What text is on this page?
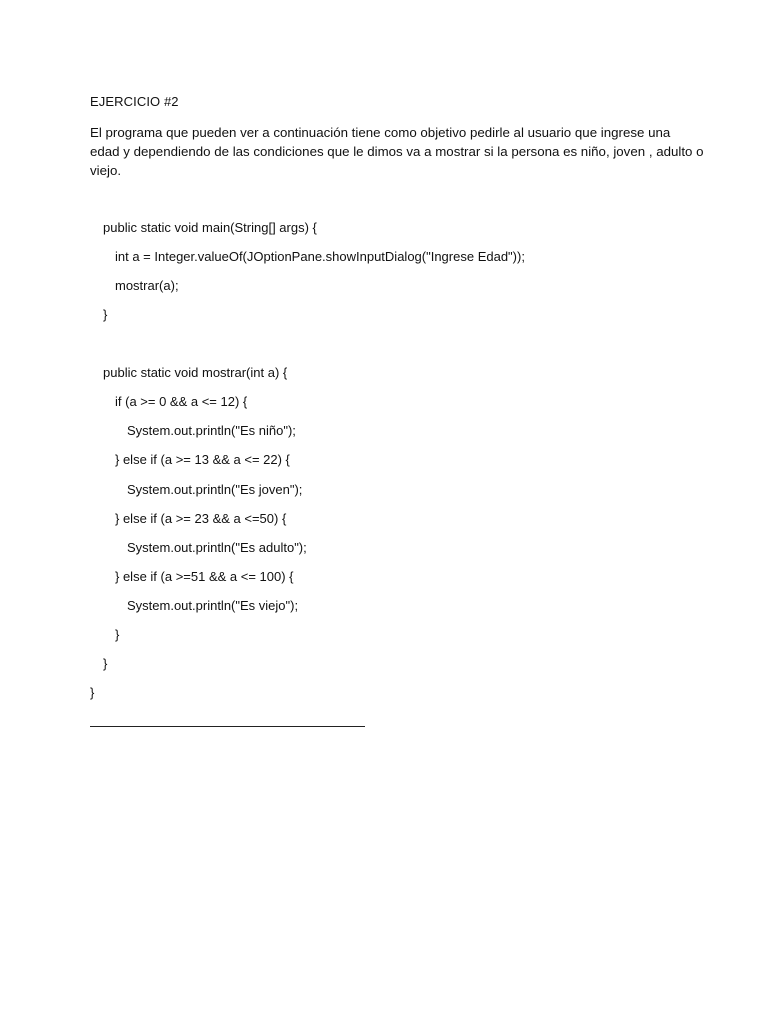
EJERCICIO #2
El programa que pueden ver a continuación tiene como objetivo pedirle al usuario que ingrese una
edad y dependiendo de las condiciones que le dimos va a mostrar si la persona es niño, joven , adulto o
viejo.
public static void main(String[] args) {
int a = Integer.valueOf(JOptionPane.showInputDialog("Ingrese Edad"));
mostrar(a);
}
public static void mostrar(int a) {
if (a >= 0 && a <= 12) {
System.out.println("Es niño");
} else if (a >= 13 && a <= 22) {
System.out.println("Es joven");
} else if (a >= 23 && a <=50) {
System.out.println("Es adulto");
} else if (a >=51 && a <= 100) {
System.out.println("Es viejo");
}
}
}
